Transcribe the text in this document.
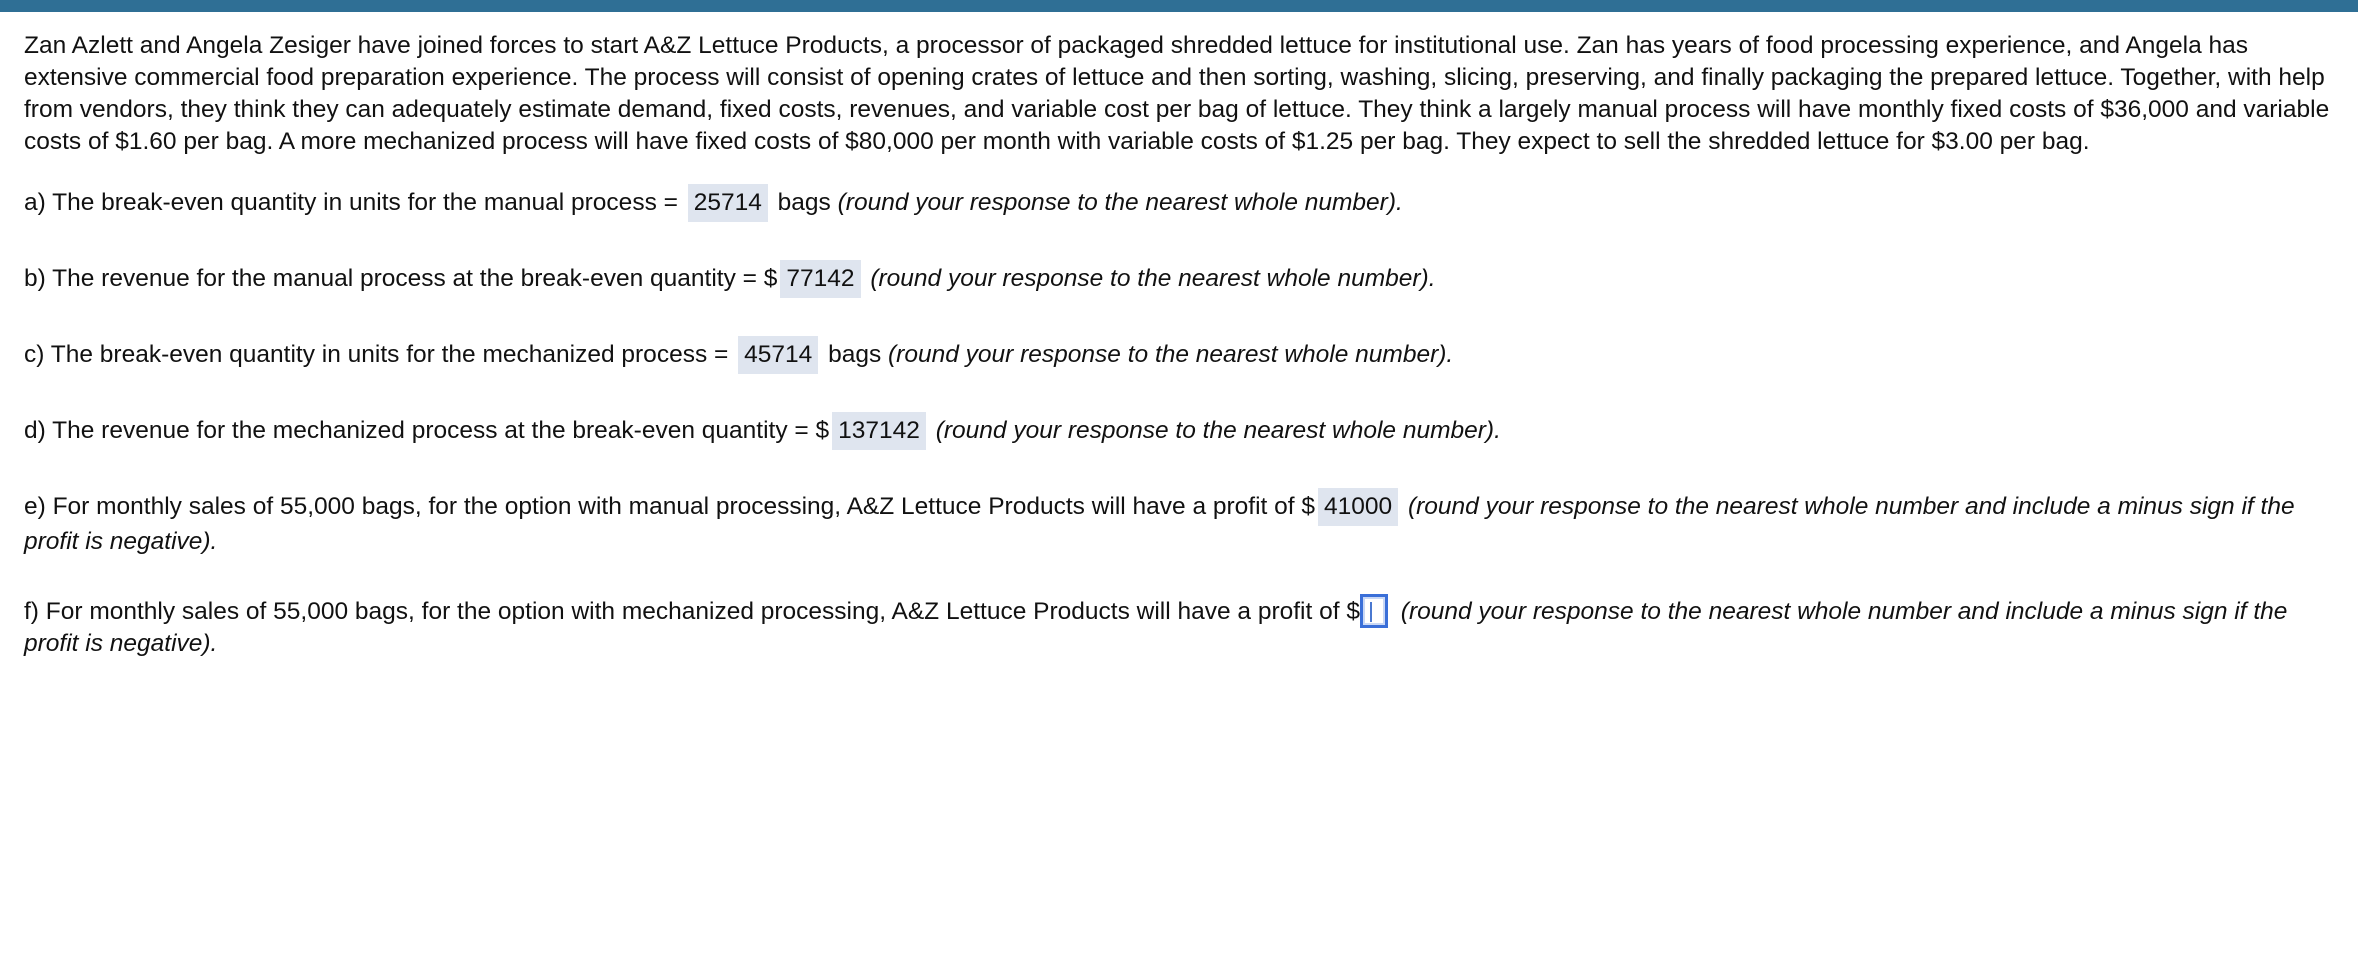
Zan Azlett and Angela Zesiger have joined forces to start A&Z Lettuce Products, a processor of packaged shredded lettuce for institutional use. Zan has years of food processing experience, and Angela has extensive commercial food preparation experience. The process will consist of opening crates of lettuce and then sorting, washing, slicing, preserving, and finally packaging the prepared lettuce. Together, with help from vendors, they think they can adequately estimate demand, fixed costs, revenues, and variable cost per bag of lettuce. They think a largely manual process will have monthly fixed costs of $36,000 and variable costs of $1.60 per bag. A more mechanized process will have fixed costs of $80,000 per month with variable costs of $1.25 per bag. They expect to sell the shredded lettuce for $3.00 per bag.

a) The break-even quantity in units for the manual process = 25714 bags (round your response to the nearest whole number).

b) The revenue for the manual process at the break-even quantity = $ 77142 (round your response to the nearest whole number).

c) The break-even quantity in units for the mechanized process = 45714 bags (round your response to the nearest whole number).

d) The revenue for the mechanized process at the break-even quantity = $ 137142 (round your response to the nearest whole number).

e) For monthly sales of 55,000 bags, for the option with manual processing, A&Z Lettuce Products will have a profit of $ 41000 (round your response to the nearest whole number and include a minus sign if the profit is negative).

f) For monthly sales of 55,000 bags, for the option with mechanized processing, A&Z Lettuce Products will have a profit of $ (round your response to the nearest whole number and include a minus sign if the profit is negative).
